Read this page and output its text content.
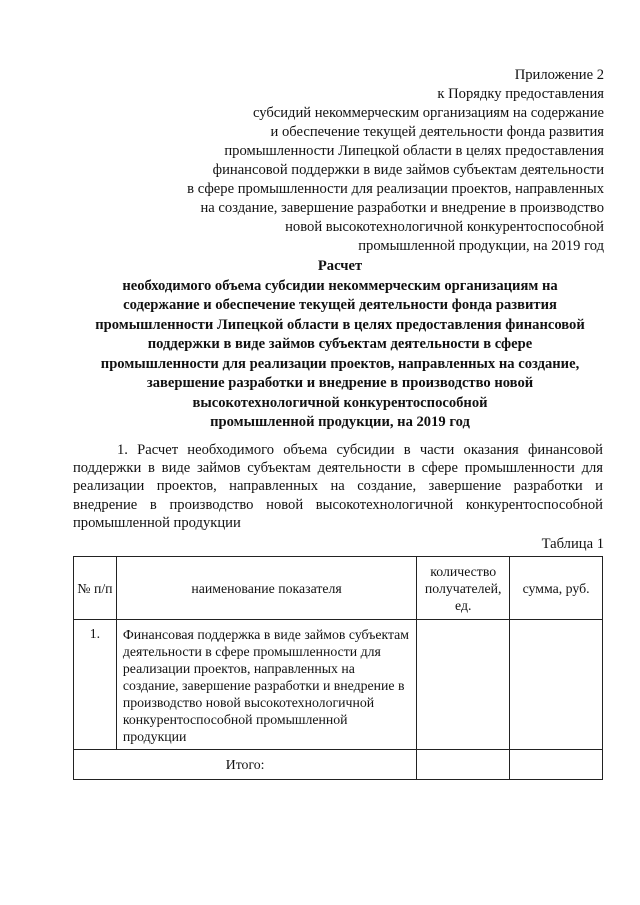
Приложение 2
к Порядку предоставления
субсидий некоммерческим организациям на содержание
и обеспечение текущей деятельности фонда развития
промышленности Липецкой области в целях предоставления
финансовой поддержки в виде займов субъектам деятельности
в сфере промышленности для реализации проектов, направленных
на создание, завершение разработки и внедрение в производство
новой высокотехнологичной конкурентоспособной
промышленной продукции, на 2019 год
Расчет
необходимого объема субсидии некоммерческим организациям на
содержание и обеспечение текущей деятельности фонда развития
промышленности Липецкой области в целях предоставления финансовой
поддержки в виде займов субъектам деятельности в сфере
промышленности для реализации проектов, направленных на создание,
завершение разработки и внедрение в производство новой
высокотехнологичной конкурентоспособной
промышленной продукции, на 2019 год
1. Расчет необходимого объема субсидии в части оказания финансовой
поддержки в виде займов субъектам деятельности в сфере промышленности для
реализации проектов, направленных на создание, завершение разработки и
внедрение в производство новой высокотехнологичной конкурентоспособной
промышленной продукции
Таблица 1
№ п/п	наименование показателя	количество получателей, ед.	сумма, руб.
1.	Финансовая поддержка в виде займов субъектам деятельности в сфере промышленности для реализации проектов, направленных на создание, завершение разработки и внедрение в производство новой высокотехнологичной конкурентоспособной промышленной продукции		
Итого:			
